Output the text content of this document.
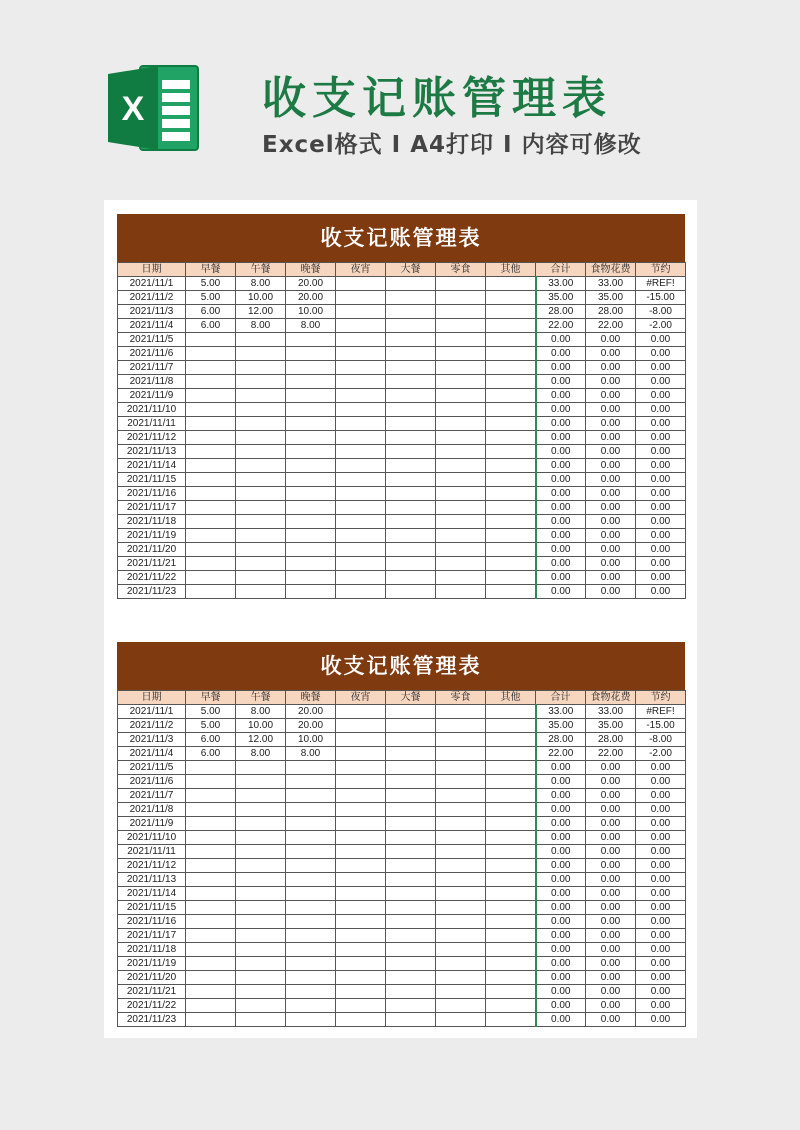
X	收支记账管理表
Excel格式 I A4打印 I 内容可修改
收支记账管理表
日期	早餐	午餐	晚餐	夜宵	大餐	零食	其他	合计	食物花费	节约
2021/11/1	5.00	8.00	20.00					33.00	33.00	#REF!
2021/11/2	5.00	10.00	20.00					35.00	35.00	-15.00
2021/11/3	6.00	12.00	10.00					28.00	28.00	-8.00
2021/11/4	6.00	8.00	8.00					22.00	22.00	-2.00
2021/11/5								0.00	0.00	0.00
2021/11/6								0.00	0.00	0.00
2021/11/7								0.00	0.00	0.00
2021/11/8								0.00	0.00	0.00
2021/11/9								0.00	0.00	0.00
2021/11/10								0.00	0.00	0.00
2021/11/11								0.00	0.00	0.00
2021/11/12								0.00	0.00	0.00
2021/11/13								0.00	0.00	0.00
2021/11/14								0.00	0.00	0.00
2021/11/15								0.00	0.00	0.00
2021/11/16								0.00	0.00	0.00
2021/11/17								0.00	0.00	0.00
2021/11/18								0.00	0.00	0.00
2021/11/19								0.00	0.00	0.00
2021/11/20								0.00	0.00	0.00
2021/11/21								0.00	0.00	0.00
2021/11/22								0.00	0.00	0.00
2021/11/23								0.00	0.00	0.00
收支记账管理表
日期	早餐	午餐	晚餐	夜宵	大餐	零食	其他	合计	食物花费	节约
2021/11/1	5.00	8.00	20.00					33.00	33.00	#REF!
2021/11/2	5.00	10.00	20.00					35.00	35.00	-15.00
2021/11/3	6.00	12.00	10.00					28.00	28.00	-8.00
2021/11/4	6.00	8.00	8.00					22.00	22.00	-2.00
2021/11/5								0.00	0.00	0.00
2021/11/6								0.00	0.00	0.00
2021/11/7								0.00	0.00	0.00
2021/11/8								0.00	0.00	0.00
2021/11/9								0.00	0.00	0.00
2021/11/10								0.00	0.00	0.00
2021/11/11								0.00	0.00	0.00
2021/11/12								0.00	0.00	0.00
2021/11/13								0.00	0.00	0.00
2021/11/14								0.00	0.00	0.00
2021/11/15								0.00	0.00	0.00
2021/11/16								0.00	0.00	0.00
2021/11/17								0.00	0.00	0.00
2021/11/18								0.00	0.00	0.00
2021/11/19								0.00	0.00	0.00
2021/11/20								0.00	0.00	0.00
2021/11/21								0.00	0.00	0.00
2021/11/22								0.00	0.00	0.00
2021/11/23								0.00	0.00	0.00
